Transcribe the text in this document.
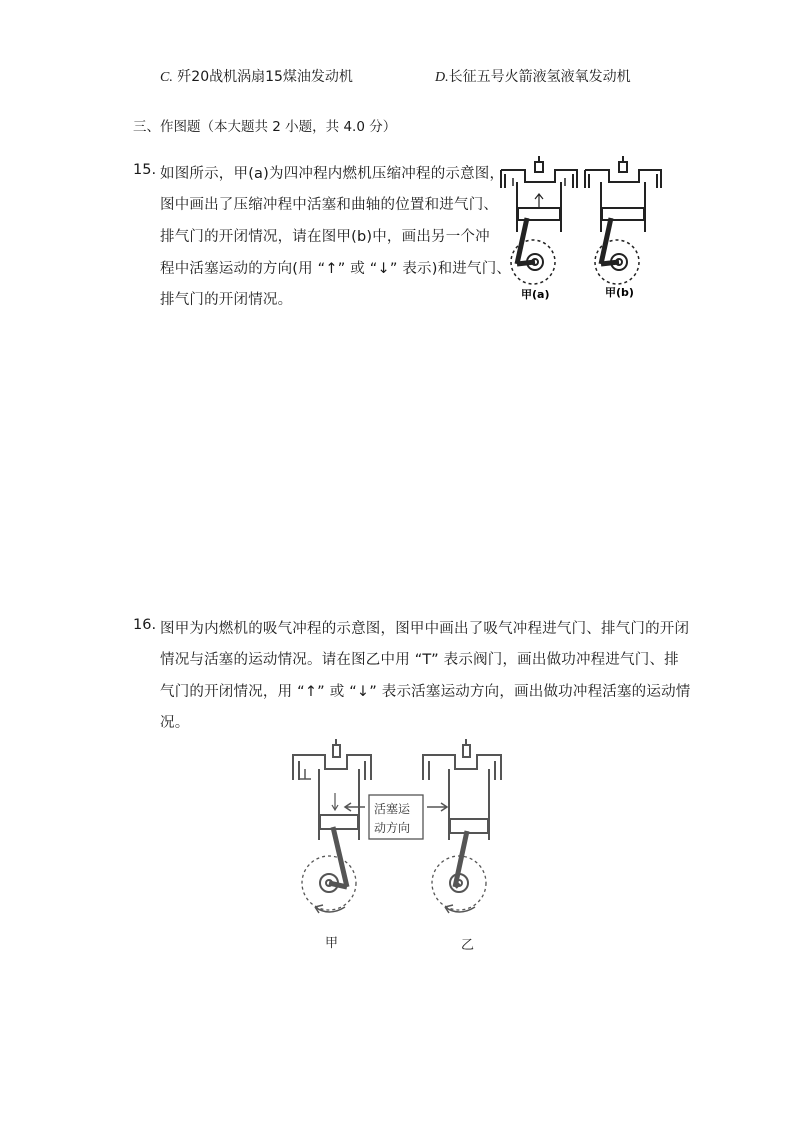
C. 歼20战机涡扇15煤油发动机	D.长征五号火箭液氢液氧发动机
三、作图题（本大题共 2 小题，共 4.0 分）
15. 如图所示，甲(a)为四冲程内燃机压缩冲程的示意图，
图中画出了压缩冲程中活塞和曲轴的位置和进气门、
排气门的开闭情况，请在图甲(b)中，画出另一个冲
程中活塞运动的方向(用 “↑” 或 “↓” 表示)和进气门、
排气门的开闭情况。	甲(a)	甲(b)
16. 图甲为内燃机的吸气冲程的示意图，图甲中画出了吸气冲程进气门、排气门的开闭
情况与活塞的运动情况。请在图乙中用 “T” 表示阀门，画出做功冲程进气门、排
气门的开闭情况，用 “↑” 或 “↓” 表示活塞运动方向，画出做功冲程活塞的运动情
况。
活塞运
动方向
甲	乙
